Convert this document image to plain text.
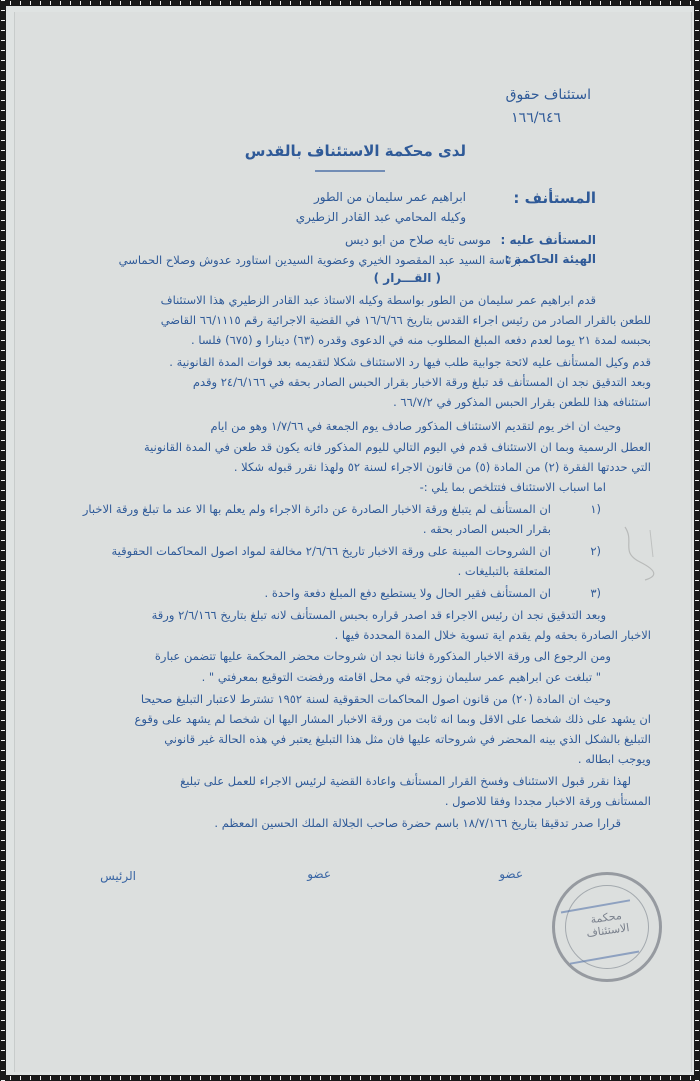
استئناف حقوق
١٦٦/٦٤٦
لدى محكمة الاستئناف بالقدس
المستأنف :
ابراهيم عمر سليمان من الطور
وكيله المحامي عبد القادر الزطيري
المستأنف عليه :
موسى تايه صلاح من ابو ديس
الهيئة الحاكمة :
برئاسة السيد عبد المقصود الخيري وعضوية السيدين استاورد عدوش وصلاح الحماسي
( القـــرار )
قدم ابراهيم عمر سليمان من الطور بواسطة وكيله الاستاذ عبد القادر الزطيري هذا الاستئناف
للطعن بالقرار الصادر من رئيس اجراء القدس بتاريخ ١٦/٦/٦٦ في القضية الاجرائية رقم ٦٦/١١١٥ القاضي
بحبسه لمدة ٢١ يوما لعدم دفعه المبلغ المطلوب منه في الدعوى وقدره (٦٣) دينارا و (٦٧٥) فلسا .
قدم وكيل المستأنف عليه لائحة جوابية طلب فيها رد الاستئناف شكلا لتقديمه بعد فوات المدة القانونية .
وبعد التدقيق نجد ان المستأنف قد تبلغ ورقة الاخبار بقرار الحبس الصادر بحقه في ٢٤/٦/١٦٦ وقدم
استئنافه هذا للطعن بقرار الحبس المذكور في ٦٦/٧/٢ .
وحيث ان اخر يوم لتقديم الاستئناف المذكور صادف يوم الجمعة في ١/٧/٦٦ وهو من ايام
العطل الرسمية وبما ان الاستئناف قدم في اليوم التالي لليوم المذكور فانه يكون قد طعن في المدة القانونية
التي حددتها الفقرة (٢) من المادة (٥) من قانون الاجراء لسنة ٥٢ ولهذا نقرر قبوله شكلا .
اما اسباب الاستئناف فتتلخص بما يلي :-
١)
ان المستأنف لم يتبلغ ورقة الاخبار الصادرة عن دائرة الاجراء ولم يعلم بها الا عند ما تبلغ ورقة الاخبار
بقرار الحبس الصادر بحقه .
٢)
ان الشروحات المبينة على ورقة الاخبار تاريخ ٢/٦/٦٦ مخالفة لمواد اصول المحاكمات الحقوقية
المتعلقة بالتبليغات .
٣)
ان المستأنف فقير الحال ولا يستطيع دفع المبلغ دفعة واحدة .
وبعد التدقيق نجد ان رئيس الاجراء قد اصدر قراره بحبس المستأنف لانه تبلغ بتاريخ ٢/٦/١٦٦ ورقة
الاخبار الصادرة بحقه ولم يقدم اية تسوية خلال المدة المحددة فيها .
ومن الرجوع الى ورقة الاخبار المذكورة فاننا نجد ان شروحات محضر المحكمة عليها تتضمن عبارة
" تبلغت عن ابراهيم عمر سليمان زوجته في محل اقامته ورفضت التوقيع بمعرفتي " .
وحيث ان المادة (٢٠) من قانون اصول المحاكمات الحقوقية لسنة ١٩٥٢ تشترط لاعتبار التبليغ صحيحا
ان يشهد على ذلك شخصا على الاقل وبما انه ثابت من ورقة الاخبار المشار اليها ان شخصا لم يشهد على وقوع
التبليغ بالشكل الذي بينه المحضر في شروحاته عليها فان مثل هذا التبليغ يعتبر في هذه الحالة غير قانوني
ويوجب ابطاله .
لهذا نقرر قبول الاستئناف وفسخ القرار المستأنف واعادة القضية لرئيس الاجراء للعمل على تبليغ
المستأنف ورقة الاخبار مجددا وفقا للاصول .
قرارا صدر تدقيقا بتاريخ ١٨/٧/١٦٦ باسم حضرة صاحب الجلالة الملك الحسين المعظم .
عضو
عضو
الرئيس
محكمة الاستئناف
